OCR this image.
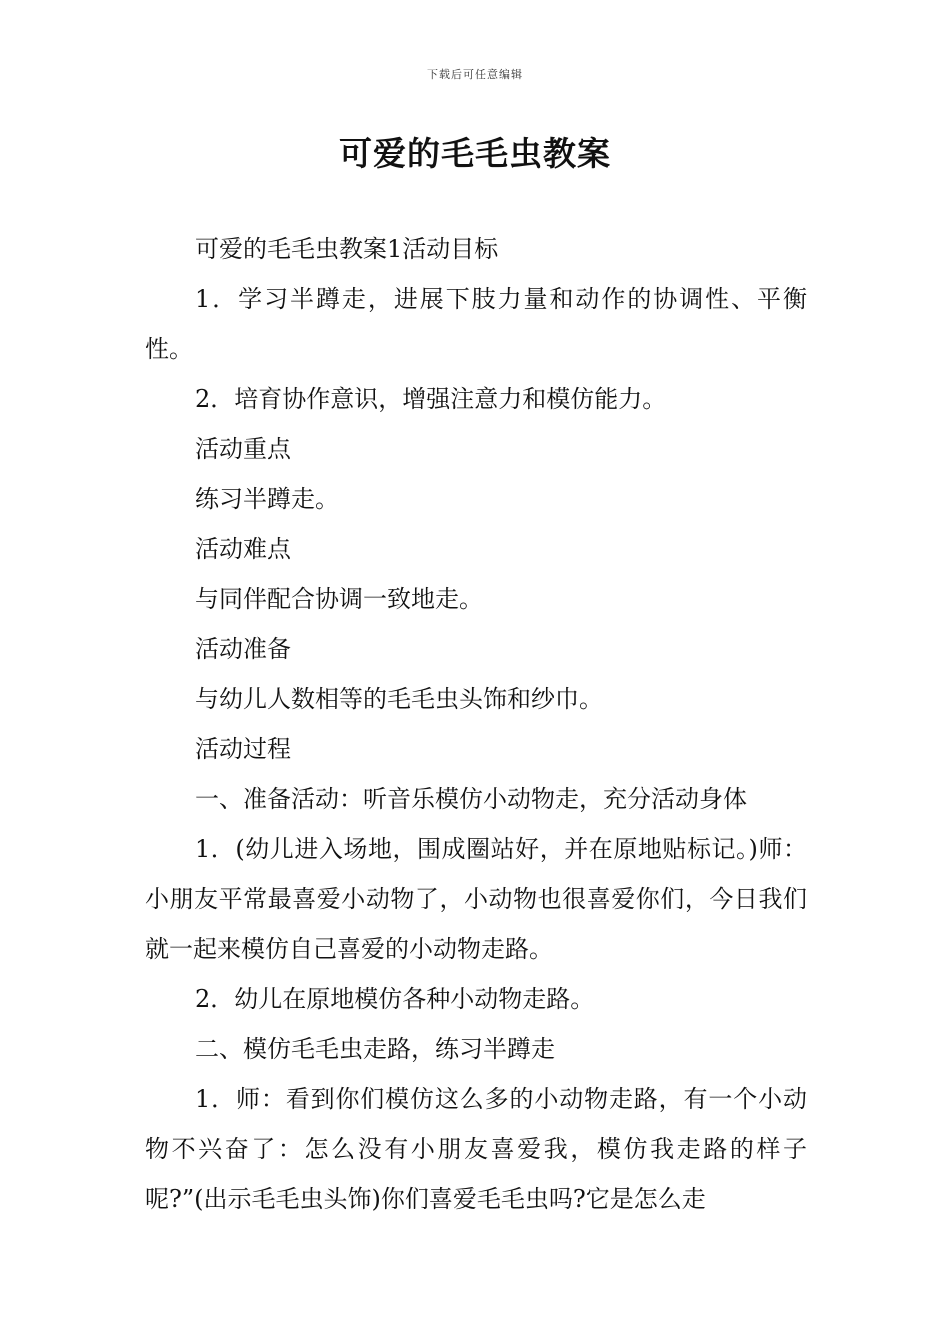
下载后可任意编辑
可爱的毛毛虫教案

可爱的毛毛虫教案1活动目标

1．学习半蹲走，进展下肢力量和动作的协调性、平衡性。

2．培育协作意识，增强注意力和模仿能力。

活动重点

练习半蹲走。

活动难点

与同伴配合协调一致地走。

活动准备

与幼儿人数相等的毛毛虫头饰和纱巾。

活动过程

一、准备活动：听音乐模仿小动物走，充分活动身体

1．(幼儿进入场地，围成圈站好，并在原地贴标记。)师：小朋友平常最喜爱小动物了，小动物也很喜爱你们，今日我们就一起来模仿自己喜爱的小动物走路。

2．幼儿在原地模仿各种小动物走路。

二、模仿毛毛虫走路，练习半蹲走

1．师：看到你们模仿这么多的小动物走路，有一个小动物不兴奋了：怎么没有小朋友喜爱我，模仿我走路的样子呢?”(出示毛毛虫头饰)你们喜爱毛毛虫吗?它是怎么走
